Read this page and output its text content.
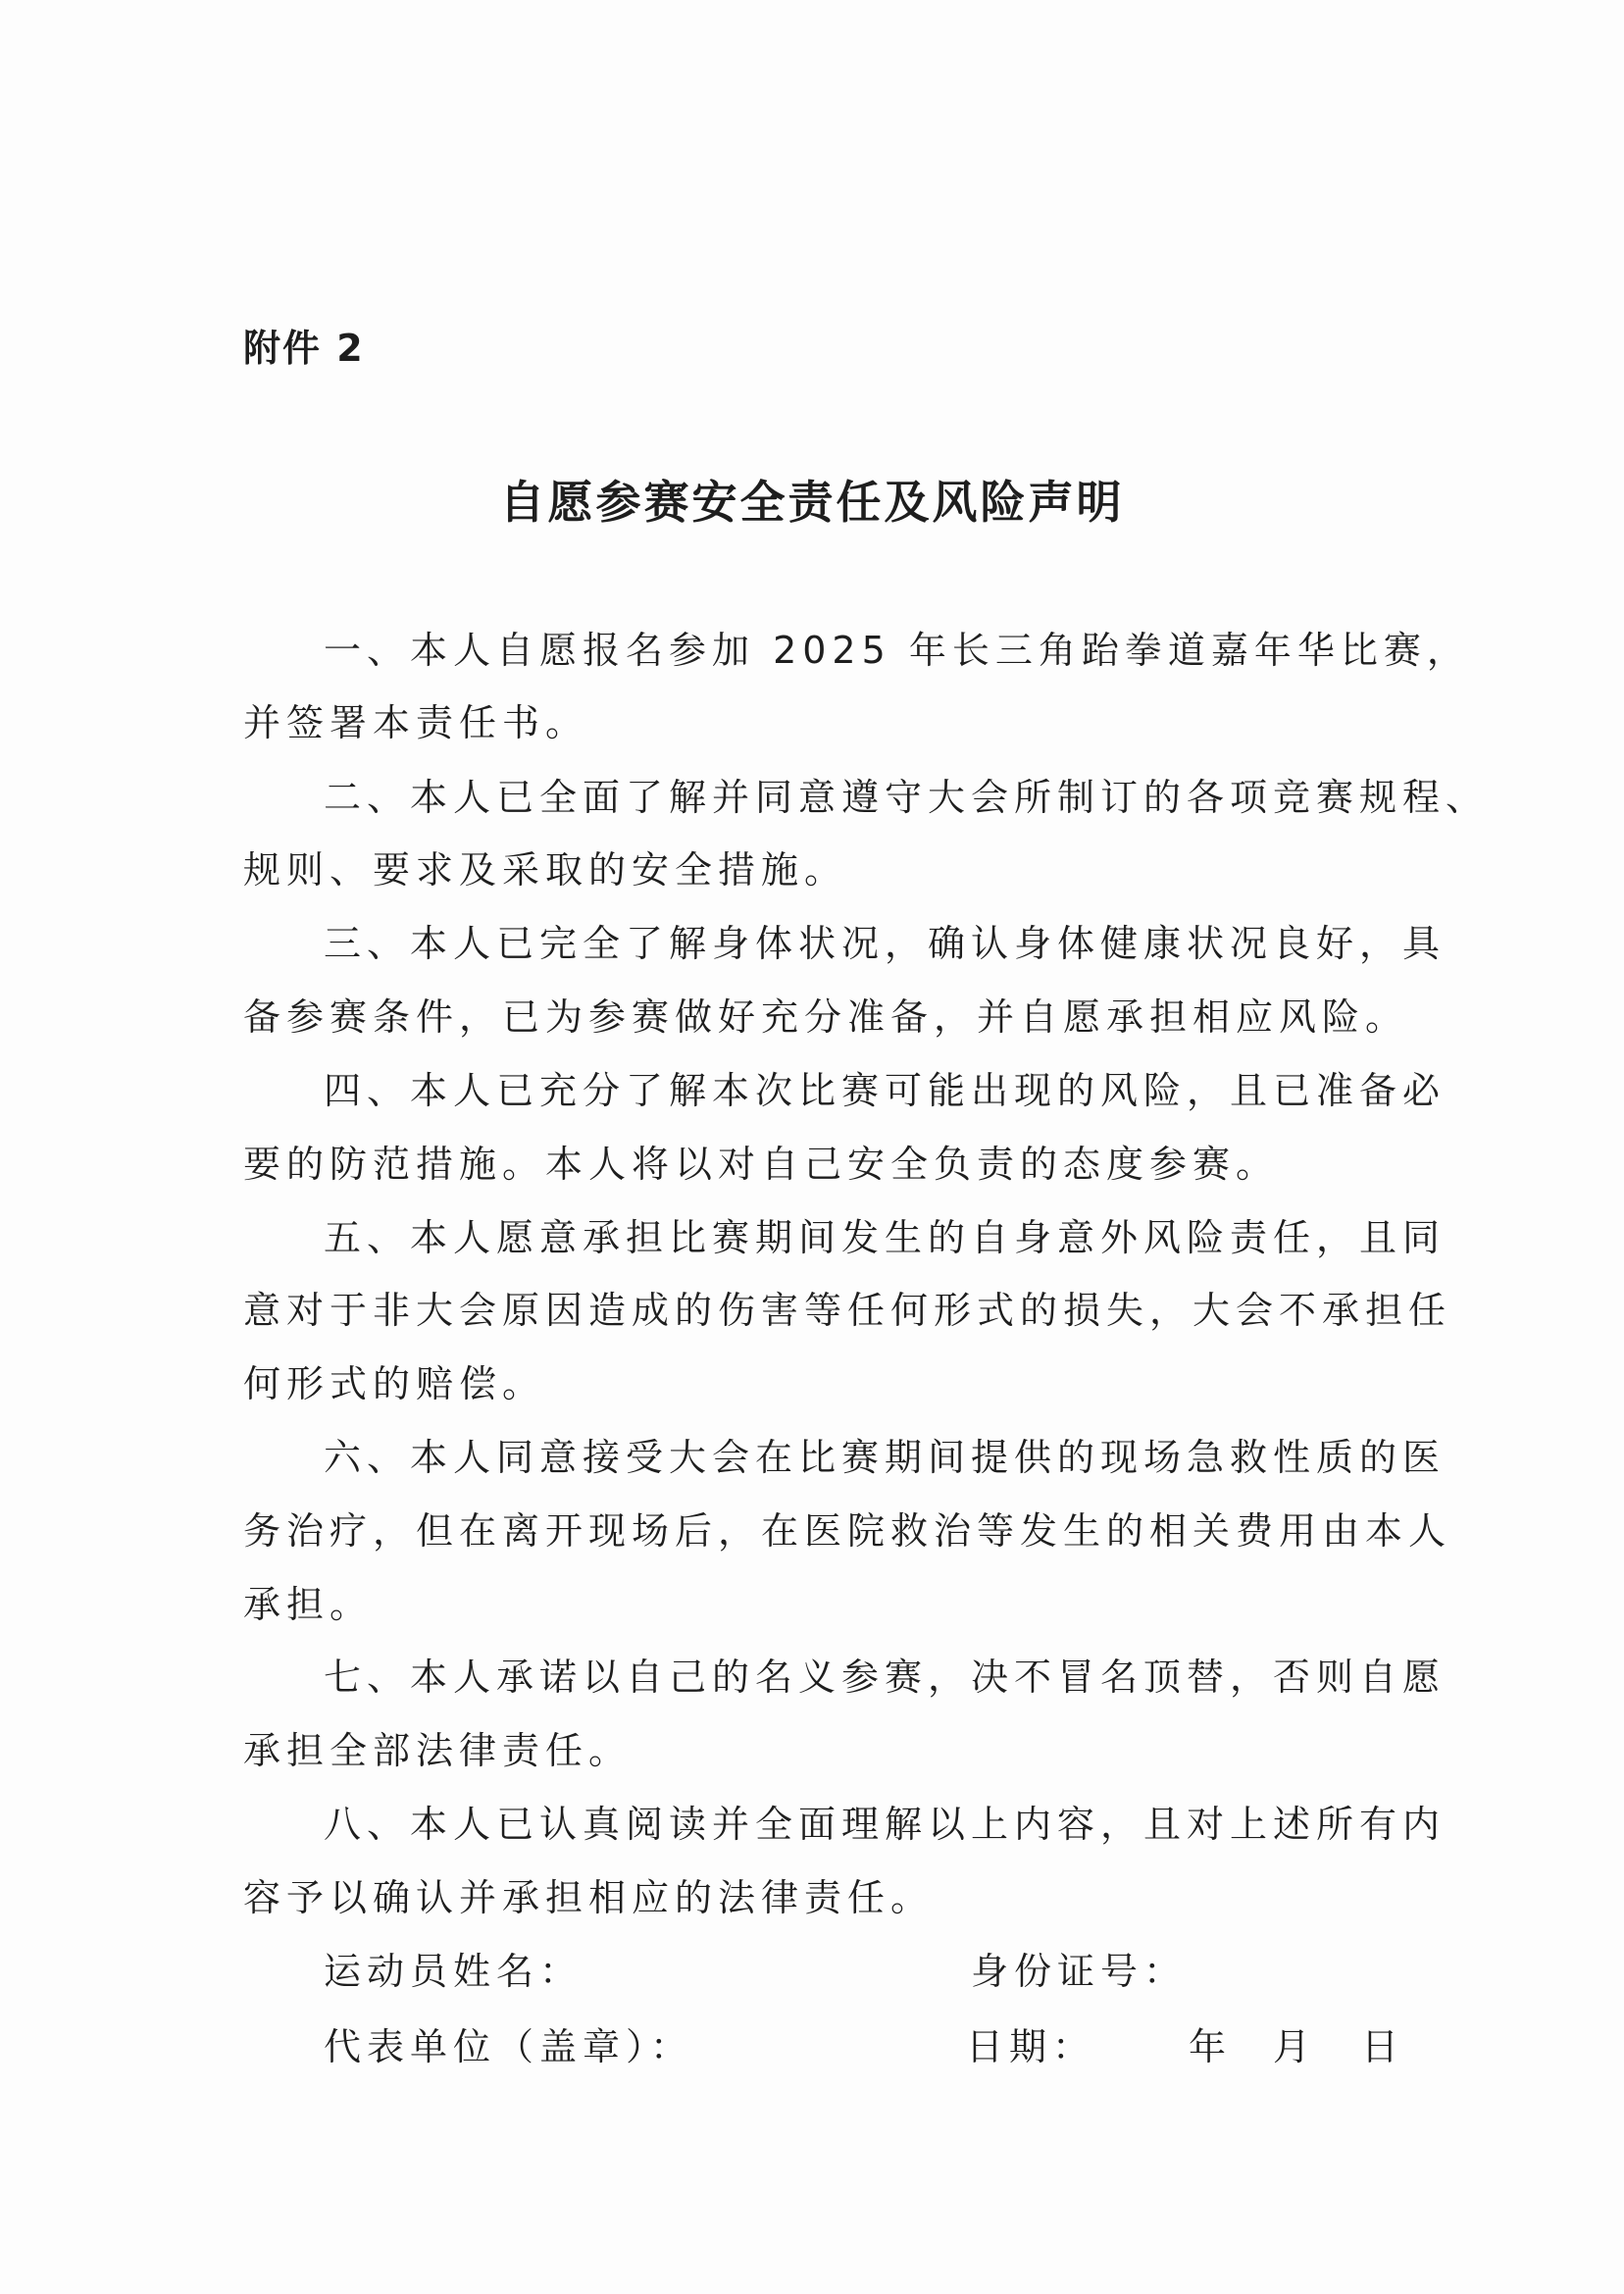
附件 2
自愿参赛安全责任及风险声明
一、本人自愿报名参加 2025 年长三角跆拳道嘉年华比赛，
并签署本责任书。
二、本人已全面了解并同意遵守大会所制订的各项竞赛规程、
规则、要求及采取的安全措施。
三、本人已完全了解身体状况，确认身体健康状况良好，具
备参赛条件，已为参赛做好充分准备，并自愿承担相应风险。
四、本人已充分了解本次比赛可能出现的风险，且已准备必
要的防范措施。本人将以对自己安全负责的态度参赛。
五、本人愿意承担比赛期间发生的自身意外风险责任，且同
意对于非大会原因造成的伤害等任何形式的损失，大会不承担任
何形式的赔偿。
六、本人同意接受大会在比赛期间提供的现场急救性质的医
务治疗，但在离开现场后，在医院救治等发生的相关费用由本人
承担。
七、本人承诺以自己的名义参赛，决不冒名顶替，否则自愿
承担全部法律责任。
八、本人已认真阅读并全面理解以上内容，且对上述所有内
容予以确认并承担相应的法律责任。
运动员姓名：	身份证号：
代表单位（盖章）：	日期： 年 月 日
